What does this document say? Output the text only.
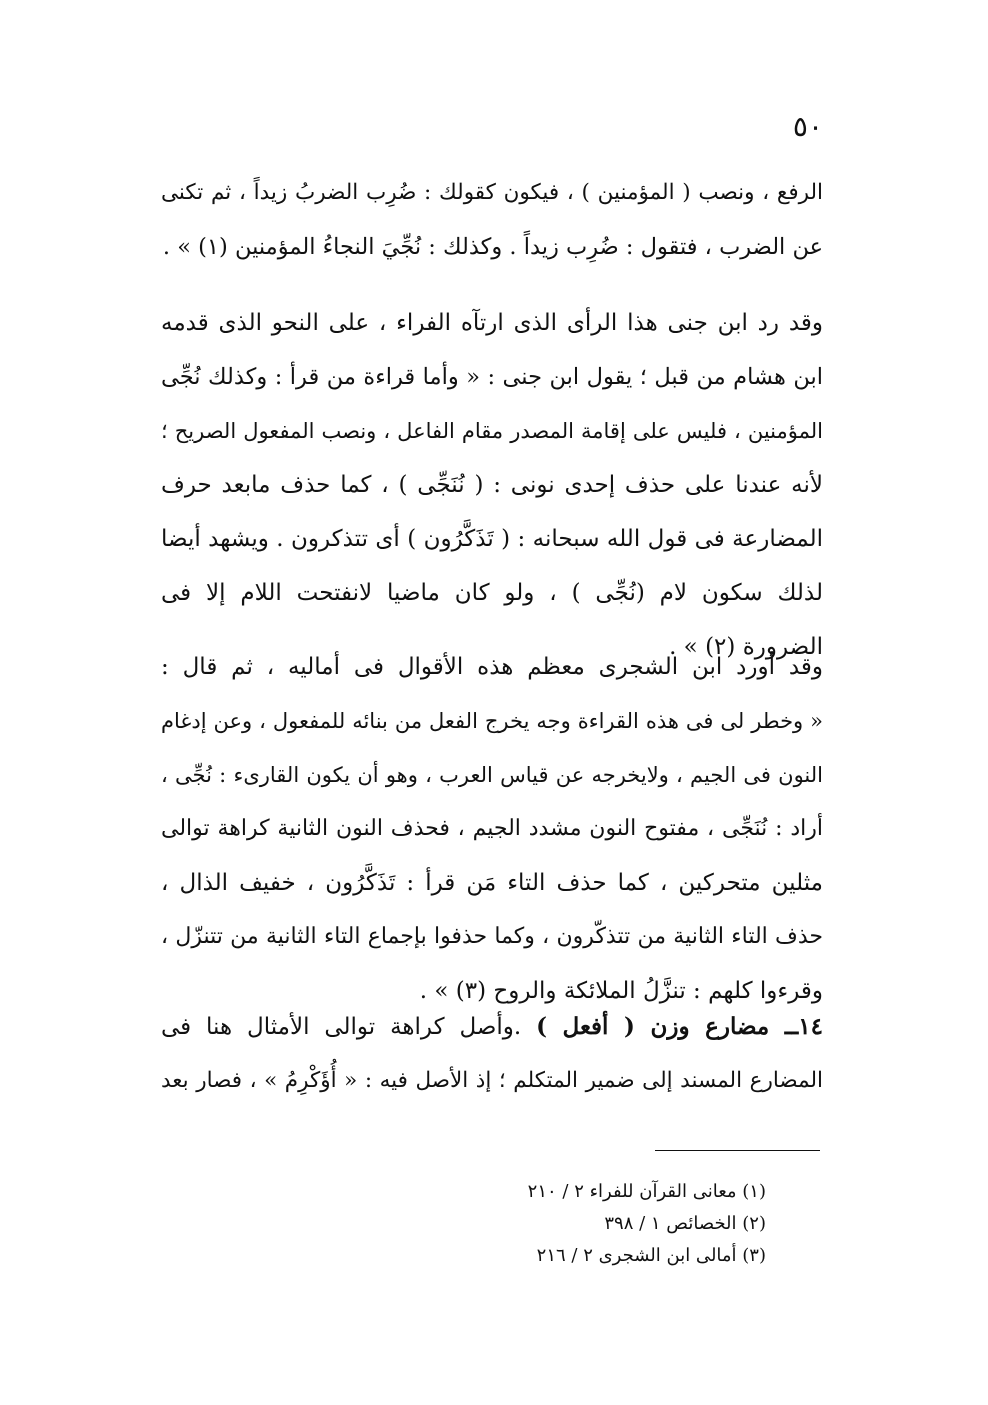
٥٠
الرفع ، ونصب ( المؤمنين ) ، فيكون كقولك : ضُرِب الضربُ زيداً ، ثم تكنى
عن الضرب ، فتقول : ضُرِب زيداً . وكذلك : نُجِّيَ النجاءُ المؤمنين (١) » .
وقد رد ابن جنى هذا الرأى الذى ارتآه الفراء ، على النحو الذى قدمه
ابن هشام من قبل ؛ يقول ابن جنى : « وأما قراءة من قرأ : وكذلك نُجِّى
المؤمنين ، فليس على إقامة المصدر مقام الفاعل ، ونصب المفعول الصريح ؛
لأنه عندنا على حذف إحدى نونى : ( نُنَجِّى ) ، كما حذف مابعد حرف
المضارعة فى قول الله سبحانه : ( تَذَكَّرُون ) أى تتذكرون . ويشهد أيضا
لذلك سكون لام (نُجِّى ) ، ولو كان ماضيا لانفتحت اللام إلا فى
الضرورة (٢) » .
وقد أورد ابن الشجرى معظم هذه الأقوال فى أماليه ، ثم قال :
« وخطر لى فى هذه القراءة وجه يخرج الفعل من بنائه للمفعول ، وعن إدغام
النون فى الجيم ، ولايخرجه عن قياس العرب ، وهو أن يكون القارىء : نُجِّى ،
أراد : نُنَجِّى ، مفتوح النون مشدد الجيم ، فحذف النون الثانية كراهة توالى
مثلين متحركين ، كما حذف التاء مَن قرأ : تَذَكَّرُون ، خفيف الذال ،
حذف التاء الثانية من تتذكّرون ، وكما حذفوا بإجماع التاء الثانية من تتنزّل ،
وقرءوا كلهم : تنزَّلُ الملائكة والروح (٣) » .
١٤ــ مضارع وزن ( أفعل ) .وأصل كراهة توالى الأمثال هنا فى
المضارع المسند إلى ضمير المتكلم ؛ إذ الأصل فيه : « أُؤَكْرِمُ » ، فصار بعد
(١) معانى القرآن للفراء ٢ / ٢١٠
(٢) الخصائص ١ / ٣٩٨
(٣) أمالى ابن الشجرى ٢ / ٢١٦
